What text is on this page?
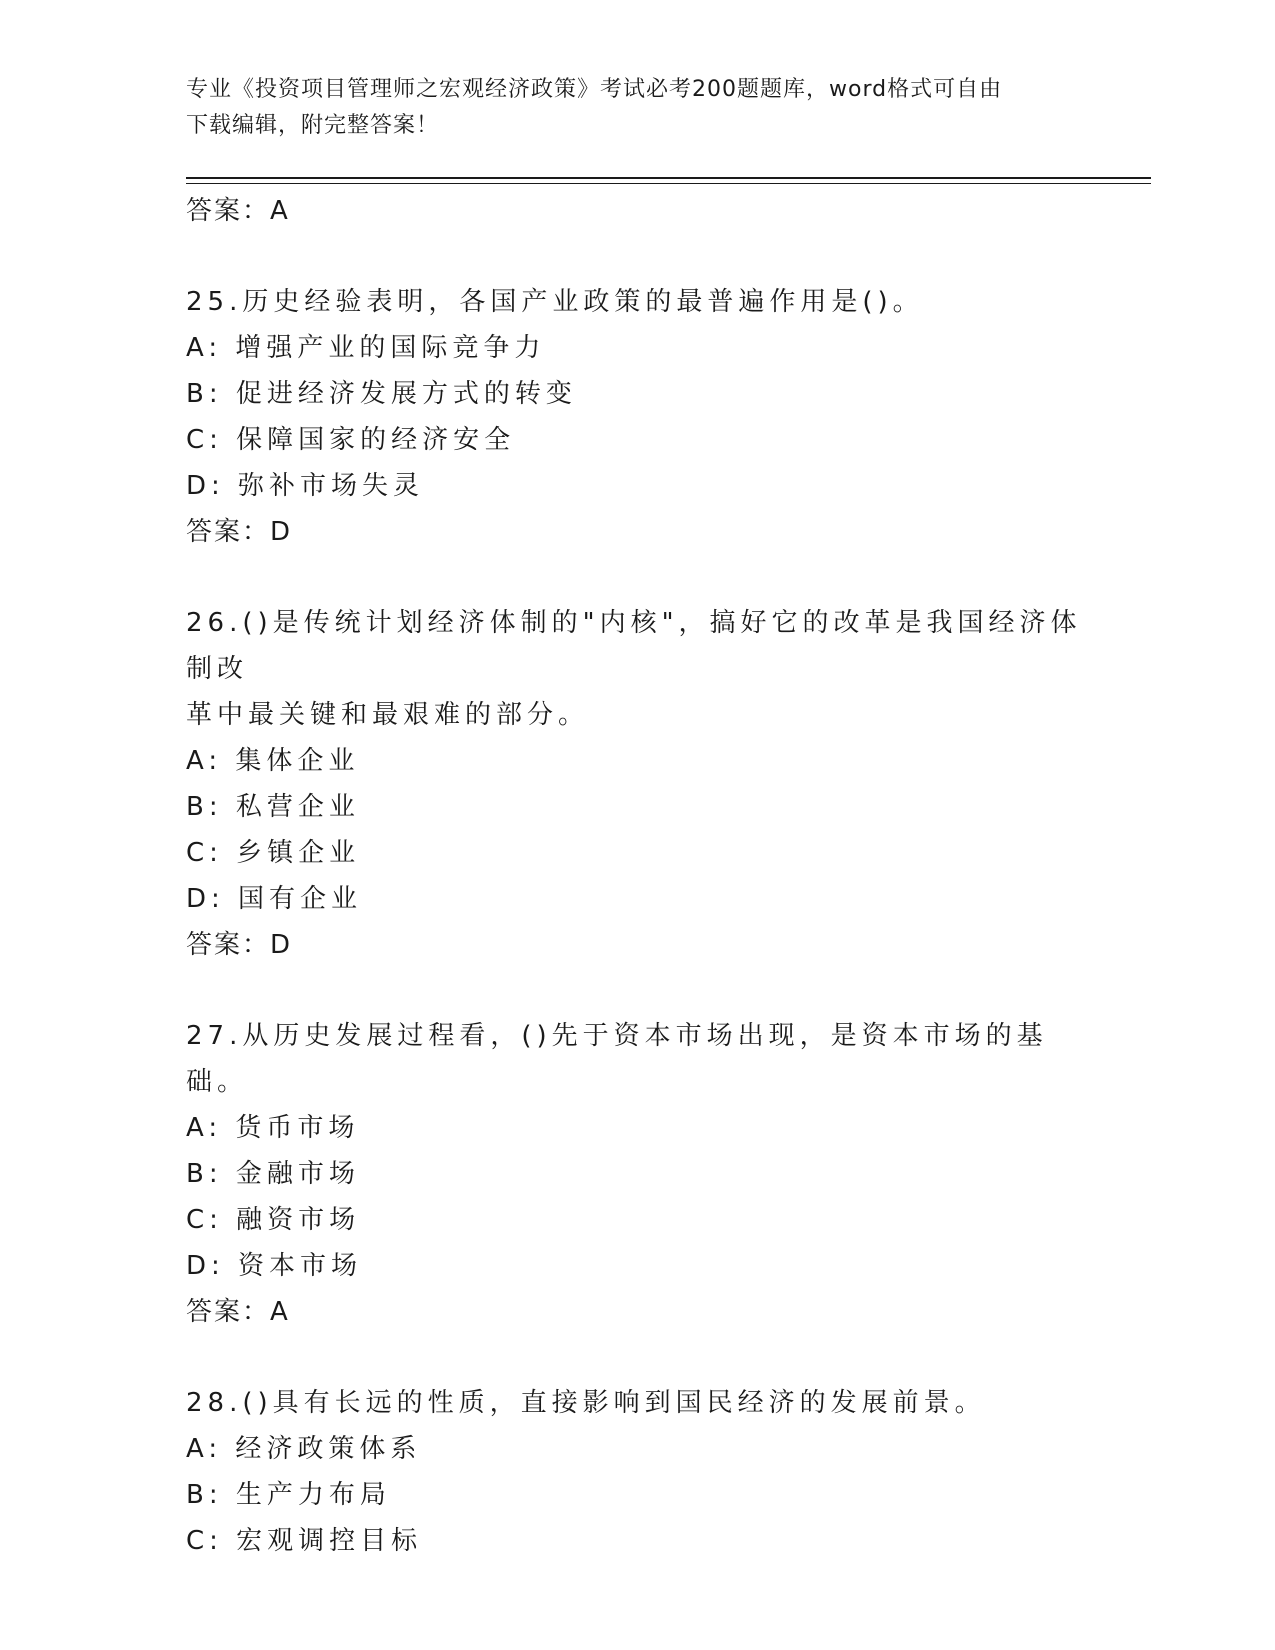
专业《投资项目管理师之宏观经济政策》考试必考200题题库，word格式可自由
下载编辑，附完整答案！
答案：A
25.历史经验表明，各国产业政策的最普遍作用是()。
A: 增强产业的国际竞争力
B: 促进经济发展方式的转变
C: 保障国家的经济安全
D: 弥补市场失灵
答案：D
26.()是传统计划经济体制的"内核"，搞好它的改革是我国经济体制改
革中最关键和最艰难的部分。
A: 集体企业
B: 私营企业
C: 乡镇企业
D: 国有企业
答案：D
27.从历史发展过程看，()先于资本市场出现，是资本市场的基础。
A: 货币市场
B: 金融市场
C: 融资市场
D: 资本市场
答案：A
28.()具有长远的性质，直接影响到国民经济的发展前景。
A: 经济政策体系
B: 生产力布局
C: 宏观调控目标
